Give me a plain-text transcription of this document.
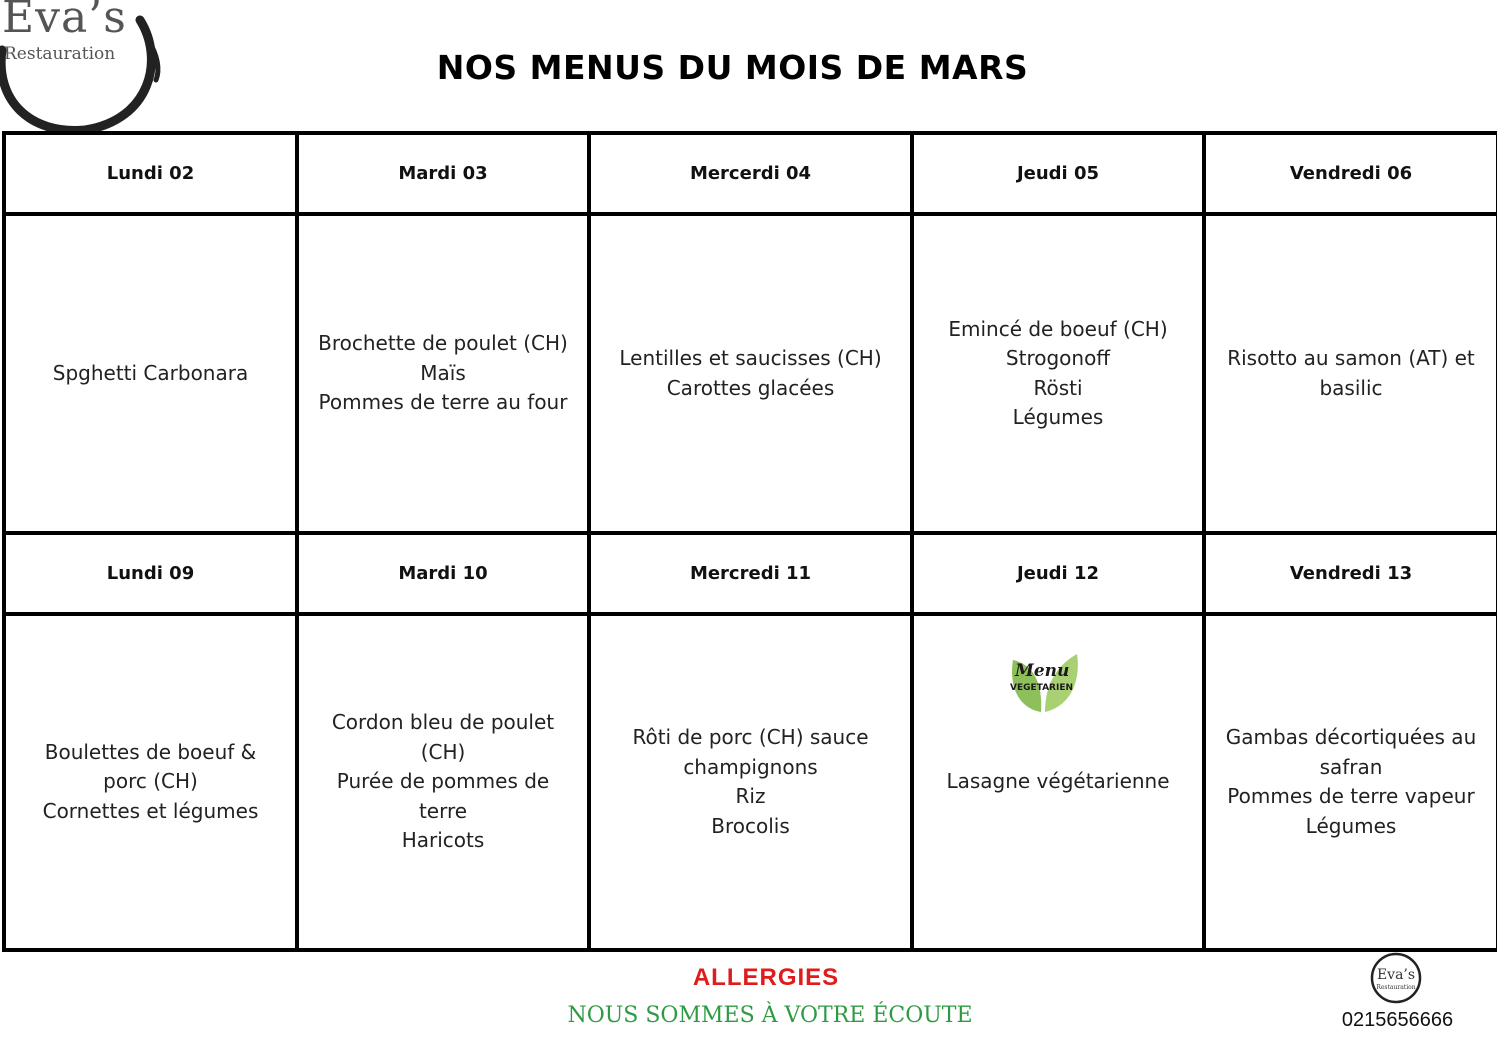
Eva’s
Restauration	NOS MENUS DU MOIS DE MARS
Lundi 02	Mardi 03	Mercerdi 04	Jeudi 05	Vendredi 06

Spghetti Carbonara	Brochette de poulet (CH)
Maïs
Pommes de terre au four	Lentilles et saucisses (CH)
Carottes glacées	Emincé de boeuf (CH) Strogonoff
Rösti
Légumes	Risotto au samon (AT) et basilic

Lundi 09	Mardi 10	Mercredi 11	Jeudi 12	Vendredi 13

Boulettes de boeuf & porc (CH)
Cornettes et légumes	Cordon bleu de poulet (CH)
Purée de pommes de terre
Haricots	Rôti de porc (CH) sauce champignons
Riz
Brocolis	Menu
VEGETARIEN
Lasagne végétarienne	Gambas décortiquées au safran
Pommes de terre vapeur
Légumes
ALLERGIES
NOUS SOMMES À VOTRE ÉCOUTE
Eva’s
Restauration
0215656666
